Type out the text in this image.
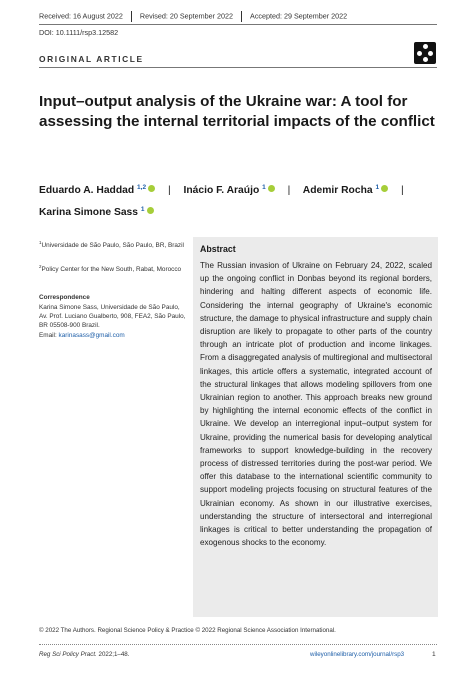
Received: 16 August 2022 Revised: 20 September 2022 Accepted: 29 September 2022
DOI: 10.1111/rsp3.12582
ORIGINAL ARTICLE
Input–output analysis of the Ukraine war: A tool for assessing the internal territorial impacts of the conflict
Eduardo A. Haddad $^{1,2}$ iD | Inácio F. Araújo $^1$ iD | Ademir Rocha $^1$ iD |
Karina Simone Sass $^1$iD
$^1$Universidade de São Paulo, São Paulo, BR, Brazil
$^2$Policy Center for the New South, Rabat, Morocco
Correspondence
Karina Simone Sass, Universidade de São Paulo, Av. Prof. Luciano Gualberto, 908, FEA2, São Paulo, BR 05508-900 Brazil.
Email: karinasass@gmail.com
Abstract
The Russian invasion of Ukraine on February 24, 2022, scaled up the ongoing conflict in Donbas beyond its regional borders, hindering and halting different aspects of economic life. Considering the internal geography of Ukraine's economic structure, the damage to physical infrastructure and supply chain disruption are likely to propagate to other parts of the country through an intricate plot of production and income linkages. From a disaggregated analysis of multiregional and multisectoral linkages, this article offers a systematic, integrated account of the structural linkages that allows modeling spillovers from one Ukrainian region to another. This approach breaks new ground by highlighting the internal economic effects of the conflict in Ukraine. We develop an interregional input–output system for Ukraine, providing the numerical basis for developing analytical frameworks to support knowledge-building in the recovery process of distressed territories during the post-war period. We offer this database to the international scientific community to support modeling projects focusing on structural features of the Ukrainian economy. As shown in our illustrative exercises, understanding the structure of intersectoral and interregional linkages is critical to better understanding the propagation of exogenous shocks to the economy.
© 2022 The Authors. Regional Science Policy & Practice © 2022 Regional Science Association International.
Reg Sci Policy Pract. 2022;1–48.	wileyonlinelibrary.com/journal/rsp3	1
